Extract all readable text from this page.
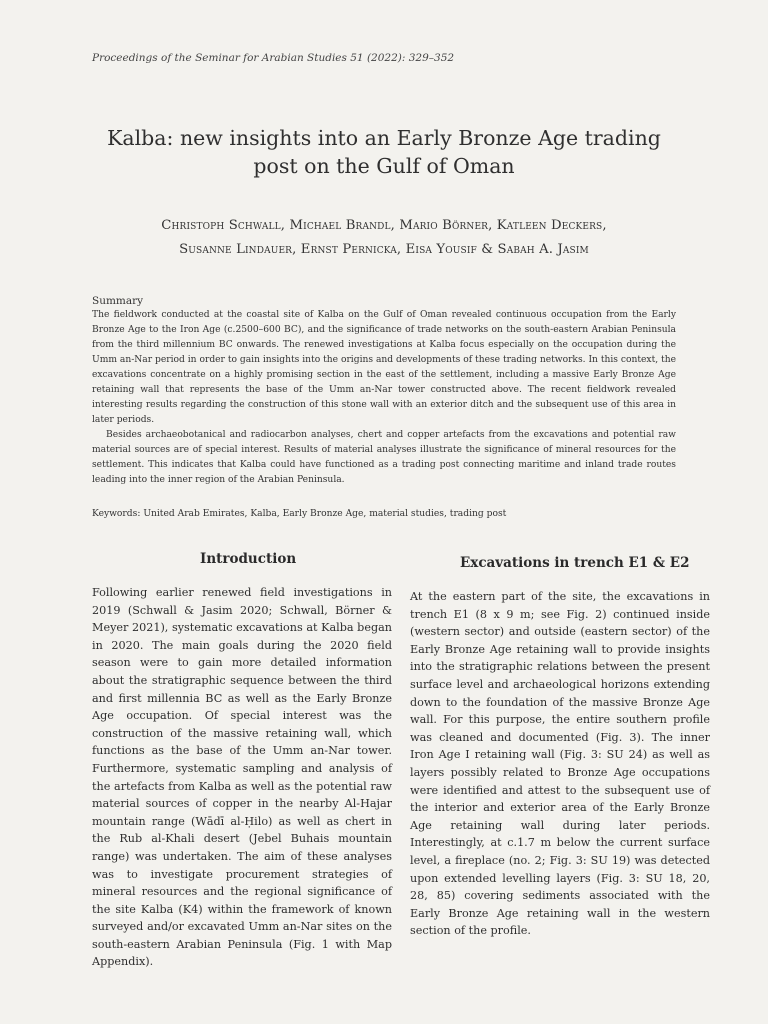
Proceedings of the Seminar for Arabian Studies 51 (2022): 329–352
Kalba: new insights into an Early Bronze Age trading post on the Gulf of Oman
Christoph Schwall, Michael Brandl, Mario Börner, Katleen Deckers,
Susanne Lindauer, Ernst Pernicka, Eisa Yousif & Sabah A. Jasim
Summary

The fieldwork conducted at the coastal site of Kalba on the Gulf of Oman revealed continuous occupation from the Early Bronze Age to the Iron Age (c.2500–600 BC), and the significance of trade networks on the south-eastern Arabian Peninsula from the third millennium BC onwards. The renewed investigations at Kalba focus especially on the occupation during the Umm an-Nar period in order to gain insights into the origins and developments of these trading networks. In this context, the excavations concentrate on a highly promising section in the east of the settlement, including a massive Early Bronze Age retaining wall that represents the base of the Umm an-Nar tower constructed above. The recent fieldwork revealed interesting results regarding the construction of this stone wall with an exterior ditch and the subsequent use of this area in later periods.

Besides archaeobotanical and radiocarbon analyses, chert and copper artefacts from the excavations and potential raw material sources are of special interest. Results of material analyses illustrate the significance of mineral resources for the settlement. This indicates that Kalba could have functioned as a trading post connecting maritime and inland trade routes leading into the inner region of the Arabian Peninsula.

Keywords: United Arab Emirates, Kalba, Early Bronze Age, material studies, trading post
Introduction

Following earlier renewed field investigations in 2019 (Schwall & Jasim 2020; Schwall, Börner & Meyer 2021), systematic excavations at Kalba began in 2020. The main goals during the 2020 field season were to gain more detailed information about the stratigraphic sequence between the third and first millennia BC as well as the Early Bronze Age occupation. Of special interest was the construction of the massive retaining wall, which functions as the base of the Umm an-Nar tower. Furthermore, systematic sampling and analysis of the artefacts from Kalba as well as the potential raw material sources of copper in the nearby Al-Hajar mountain range (Wādī al-Ḥilo) as well as chert in the Rub al-Khali desert (Jebel Buhais mountain range) was undertaken. The aim of these analyses was to investigate procurement strategies of mineral resources and the regional significance of the site Kalba (K4) within the framework of known surveyed and/or excavated Umm an-Nar sites on the south-eastern Arabian Peninsula (Fig. 1 with Map Appendix).

Excavations in trench E1 & E2

At the eastern part of the site, the excavations in trench E1 (8 x 9 m; see Fig. 2) continued inside (western sector) and outside (eastern sector) of the Early Bronze Age retaining wall to provide insights into the stratigraphic relations between the present surface level and archaeological horizons extending down to the foundation of the massive Bronze Age wall. For this purpose, the entire southern profile was cleaned and documented (Fig. 3). The inner Iron Age I retaining wall (Fig. 3: SU 24) as well as layers possibly related to Bronze Age occupations were identified and attest to the subsequent use of the interior and exterior area of the Early Bronze Age retaining wall during later periods. Interestingly, at c.1.7 m below the current surface level, a fireplace (no. 2; Fig. 3: SU 19) was detected upon extended levelling layers (Fig. 3: SU 18, 20, 28, 85) covering sediments associated with the Early Bronze Age retaining wall in the western section of the profile.
